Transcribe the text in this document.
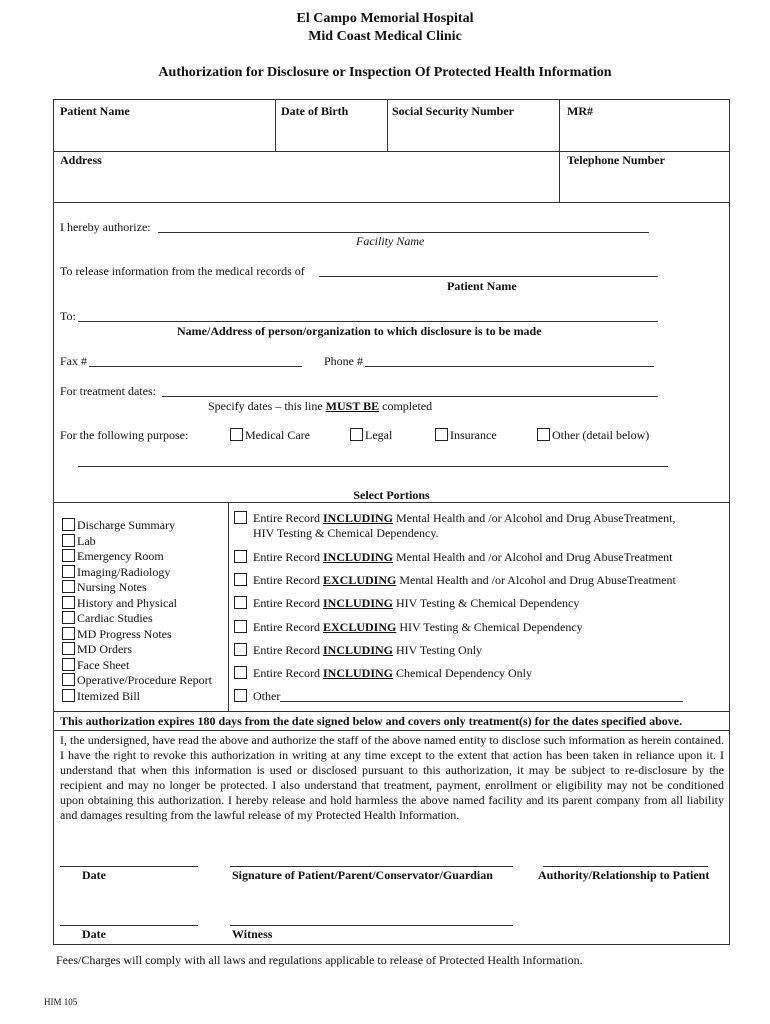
El Campo Memorial Hospital
Mid Coast Medical Clinic
Authorization for Disclosure or Inspection Of Protected Health Information
Patient Name	Date of Birth	Social Security Number	MR#
Address	Telephone Number
I hereby authorize:
Facility Name
To release information from the medical records of
Patient Name
To:
Name/Address of person/organization to which disclosure is to be made
Fax #	Phone #
For treatment dates:
Specify dates – this line MUST BE completed
For the following purpose:	Medical Care	Legal	Insurance	Other (detail below)
Select Portions
Discharge Summary
Lab
Emergency Room
Imaging/Radiology
Nursing Notes
History and Physical
Cardiac Studies
MD Progress Notes
MD Orders
Face Sheet
Operative/Procedure Report
Itemized Bill
Entire Record INCLUDING Mental Health and /or Alcohol and Drug AbuseTreatment,
HIV Testing & Chemical Dependency.
Entire Record INCLUDING Mental Health and /or Alcohol and Drug AbuseTreatment
Entire Record EXCLUDING Mental Health and /or Alcohol and Drug AbuseTreatment
Entire Record INCLUDING HIV Testing & Chemical Dependency
Entire Record EXCLUDING HIV Testing & Chemical Dependency
Entire Record INCLUDING HIV Testing Only
Entire Record INCLUDING Chemical Dependency Only
Other
This authorization expires 180 days from the date signed below and covers only treatment(s) for the dates specified above.
I, the undersigned, have read the above and authorize the staff of the above named entity to disclose such information as herein contained. I have the right to revoke this authorization in writing at any time except to the extent that action has been taken in reliance upon it. I understand that when this information is used or disclosed pursuant to this authorization, it may be subject to re-disclosure by the recipient and may no longer be protected. I also understand that treatment, payment, enrollment or eligibility may not be conditioned upon obtaining this authorization. I hereby release and hold harmless the above named facility and its parent company from all liability and damages resulting from the lawful release of my Protected Health Information.
Date	Signature of Patient/Parent/Conservator/Guardian	Authority/Relationship to Patient
Date	Witness
Fees/Charges will comply with all laws and regulations applicable to release of Protected Health Information.
HIM 105
